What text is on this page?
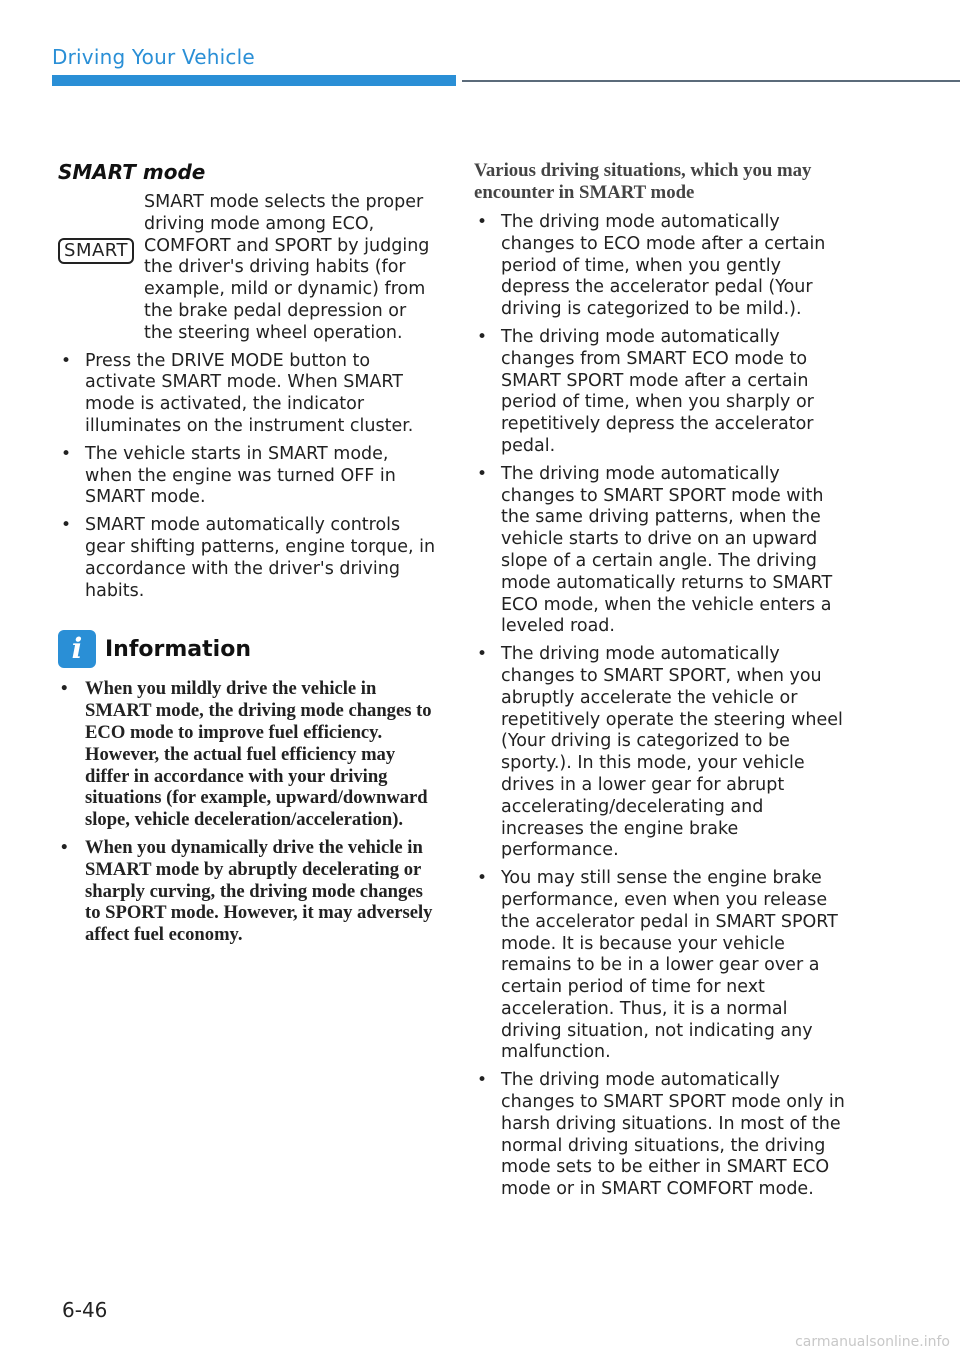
Driving Your Vehicle
SMART mode
SMART
SMART mode selects the proper driving mode among ECO, COMFORT and SPORT by judging the driver's driving habits (for example, mild or dynamic) from the brake pedal depression or the steering wheel operation.
• Press the DRIVE MODE button to activate SMART mode. When SMART mode is activated, the indicator illuminates on the instrument cluster.
• The vehicle starts in SMART mode, when the engine was turned OFF in SMART mode.
• SMART mode automatically controls gear shifting patterns, engine torque, in accordance with the driver's driving habits.
i	Information
• When you mildly drive the vehicle in SMART mode, the driving mode changes to ECO mode to improve fuel efficiency. However, the actual fuel efficiency may differ in accordance with your driving situations (for example, upward/downward slope, vehicle deceleration/acceleration).
• When you dynamically drive the vehicle in SMART mode by abruptly decelerating or sharply curving, the driving mode changes to SPORT mode. However, it may adversely affect fuel economy.
Various driving situations, which you may encounter in SMART mode
• The driving mode automatically changes to ECO mode after a certain period of time, when you gently depress the accelerator pedal (Your driving is categorized to be mild.).
• The driving mode automatically changes from SMART ECO mode to SMART SPORT mode after a certain period of time, when you sharply or repetitively depress the accelerator pedal.
• The driving mode automatically changes to SMART SPORT mode with the same driving patterns, when the vehicle starts to drive on an upward slope of a certain angle. The driving mode automatically returns to SMART ECO mode, when the vehicle enters a leveled road.
• The driving mode automatically changes to SMART SPORT, when you abruptly accelerate the vehicle or repetitively operate the steering wheel (Your driving is categorized to be sporty.). In this mode, your vehicle drives in a lower gear for abrupt accelerating/decelerating and increases the engine brake performance.
• You may still sense the engine brake performance, even when you release the accelerator pedal in SMART SPORT mode. It is because your vehicle remains to be in a lower gear over a certain period of time for next acceleration. Thus, it is a normal driving situation, not indicating any malfunction.
• The driving mode automatically changes to SMART SPORT mode only in harsh driving situations. In most of the normal driving situations, the driving mode sets to be either in SMART ECO mode or in SMART COMFORT mode.
6-46
carmanualsonline.info
